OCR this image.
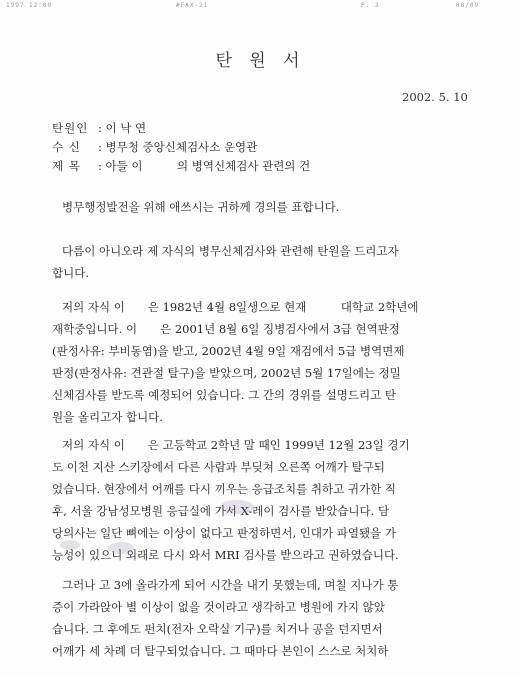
1997 12:00	#FAX-21	P. 3	08/09
탄 원 서
2002. 5. 10
탄원인 : 이 낙 연
수 신 : 병무청 중앙신체검사소 운영관
제 목 : 아들 이　　　의 병역신체검사 관련의 건
병무행정발전을 위해 애쓰시는 귀하께 경의를 표합니다.
다름이 아니오라 제 자식의 병무신체검사와 관련해 탄원을 드리고자
합니다.
저의 자식 이　　은 1982년 4월 8일생으로 현재　　　대학교 2학년에
재학중입니다. 이　　은 2001년 8월 6일 징병검사에서 3급 현역판정
(판정사유: 부비동염)을 받고, 2002년 4월 9일 재검에서 5급 병역면제
판정(판정사유: 견관절 탈구)을 받았으며, 2002년 5월 17일에는 정밀
신체검사를 받도록 예정되어 있습니다. 그 간의 경위를 설명드리고 탄
원을 올리고자 합니다.
저의 자식 이　　은 고등학교 2학년 말 때인 1999년 12월 23일 경기
도 이천 지산 스키장에서 다른 사람과 부딪쳐 오른쪽 어깨가 탈구되
었습니다. 현장에서 어깨를 다시 끼우는 응급조치를 취하고 귀가한 직
후, 서울 강남성모병원 응급실에 가서 X-레이 검사를 받았습니다. 담
당의사는 일단 뼈에는 이상이 없다고 판정하면서, 인대가 파열됐을 가
능성이 있으니 외래로 다시 와서 MRI 검사를 받으라고 권하였습니다.
그러나 고 3에 올라가게 되어 시간을 내기 못했는데, 며칠 지나가 통
증이 가라앉아 별 이상이 없을 것이라고 생각하고 병원에 가지 않았
습니다. 그 후에도 펀치(전자 오락실 기구)를 치거나 공을 던지면서
어깨가 세 차례 더 탈구되었습니다. 그 때마다 본인이 스스로 처치하
